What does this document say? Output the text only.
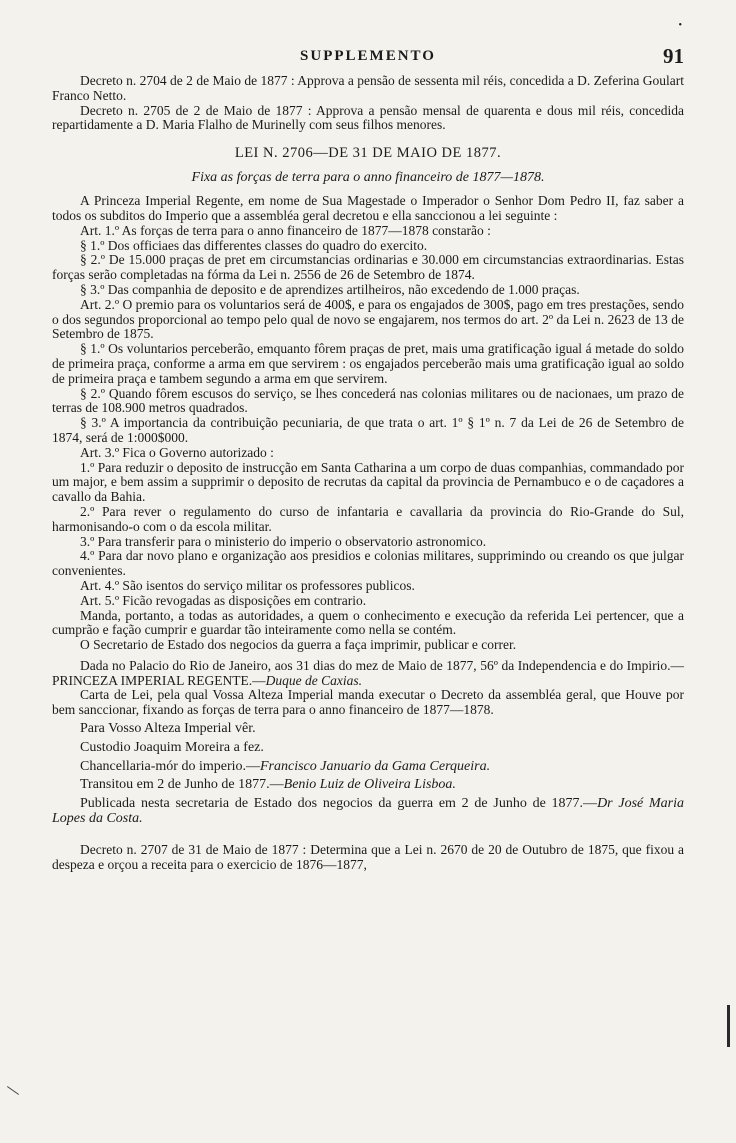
•
SUPPLEMENTO	91

Decreto n. 2704 de 2 de Maio de 1877 : Approva a pensão de sessenta mil réis, concedida a D. Zeferina Goulart Franco Netto.

Decreto n. 2705 de 2 de Maio de 1877 : Approva a pensão mensal de quarenta e dous mil réis, concedida repartidamente a D. Maria Flalho de Murinelly com seus filhos menores.

LEI N. 2706—DE 31 DE MAIO DE 1877.
Fixa as forças de terra para o anno financeiro de 1877—1878.

A Princeza Imperial Regente, em nome de Sua Magestade o Imperador o Senhor Dom Pedro II, faz saber a todos os subditos do Imperio que a assembléa geral decretou e ella sanccionou a lei seguinte :

Art. 1.º As forças de terra para o anno financeiro de 1877—1878 constarão :

§ 1.º Dos officiaes das differentes classes do quadro do exercito.

§ 2.º De 15.000 praças de pret em circumstancias ordinarias e 30.000 em circumstancias extraordinarias. Estas forças serão completadas na fórma da Lei n. 2556 de 26 de Setembro de 1874.

§ 3.º Das companhia de deposito e de aprendizes artilheiros, não excedendo de 1.000 praças.

Art. 2.º O premio para os voluntarios será de 400$, e para os engajados de 300$, pago em tres prestações, sendo o dos segundos proporcional ao tempo pelo qual de novo se engajarem, nos termos do art. 2º da Lei n. 2623 de 13 de Setembro de 1875.

§ 1.º Os voluntarios perceberão, emquanto fôrem praças de pret, mais uma gratificação igual á metade do soldo de primeira praça, conforme a arma em que servirem : os engajados perceberão mais uma gratificação igual ao soldo de primeira praça e tambem segundo a arma em que servirem.

§ 2.º Quando fôrem escusos do serviço, se lhes concederá nas colonias militares ou de nacionaes, um prazo de terras de 108.900 metros quadrados.

§ 3.º A importancia da contribuição pecuniaria, de que trata o art. 1º § 1º n. 7 da Lei de 26 de Setembro de 1874, será de 1:000$000.

Art. 3.º Fica o Governo autorizado :

1.º Para reduzir o deposito de instrucção em Santa Catharina a um corpo de duas companhias, commandado por um major, e bem assim a supprimir o deposito de recrutas da capital da provincia de Pernambuco e o de caçadores a cavallo da Bahia.

2.º Para rever o regulamento do curso de infantaria e cavallaria da provincia do Rio-Grande do Sul, harmonisando-o com o da escola militar.

3.º Para transferir para o ministerio do imperio o observatorio astronomico.

4.º Para dar novo plano e organização aos presidios e colonias militares, supprimindo ou creando os que julgar convenientes.

Art. 4.º São isentos do serviço militar os professores publicos.

Art. 5.º Ficão revogadas as disposições em contrario.

Manda, portanto, a todas as autoridades, a quem o conhecimento e execução da referida Lei pertencer, que a cumprão e fação cumprir e guardar tão inteiramente como nella se contém.

O Secretario de Estado dos negocios da guerra a faça imprimir, publicar e correr.

Dada no Palacio do Rio de Janeiro, aos 31 dias do mez de Maio de 1877, 56º da Independencia e do Impirio.—PRINCEZA IMPERIAL REGENTE.—Duque de Caxias.

Carta de Lei, pela qual Vossa Alteza Imperial manda executar o Decreto da assembléa geral, que Houve por bem sanccionar, fixando as forças de terra para o anno financeiro de 1877—1878.

Para Vosso Alteza Imperial vêr.

Custodio Joaquim Moreira a fez.

Chancellaria-mór do imperio.—Francisco Januario da Gama Cerqueira.

Transitou em 2 de Junho de 1877.—Benio Luiz de Oliveira Lisboa.

Publicada nesta secretaria de Estado dos negocios da guerra em 2 de Junho de 1877.—Dr José Maria Lopes da Costa.

Decreto n. 2707 de 31 de Maio de 1877 : Determina que a Lei n. 2670 de 20 de Outubro de 1875, que fixou a despeza e orçou a receita para o exercicio de 1876—1877,
